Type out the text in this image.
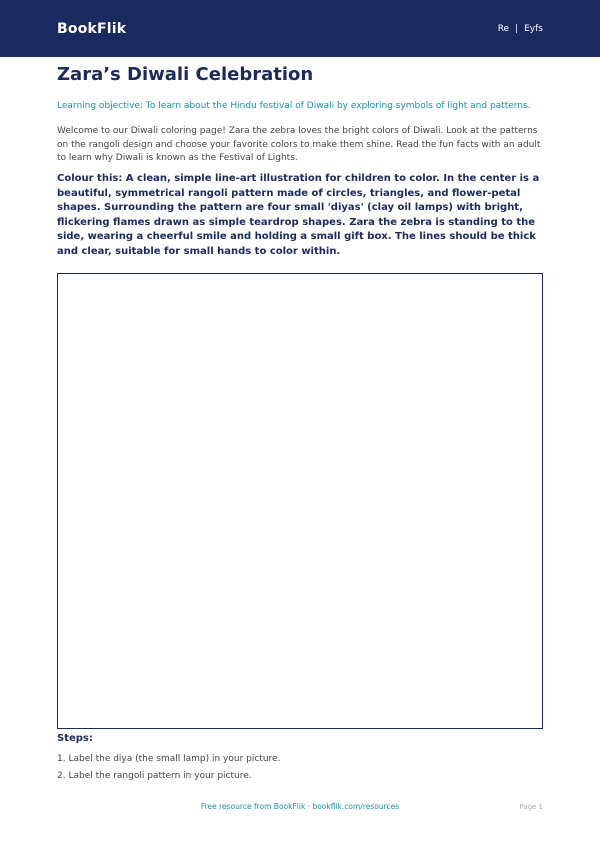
BookFlik	Re | Eyfs
Zara’s Diwali Celebration
Learning objective: To learn about the Hindu festival of Diwali by exploring symbols of light and patterns.
Welcome to our Diwali coloring page! Zara the zebra loves the bright colors of Diwali. Look at the patterns on the rangoli design and choose your favorite colors to make them shine. Read the fun facts with an adult to learn why Diwali is known as the Festival of Lights.
Colour this: A clean, simple line-art illustration for children to color. In the center is a beautiful, symmetrical rangoli pattern made of circles, triangles, and flower-petal shapes. Surrounding the pattern are four small 'diyas' (clay oil lamps) with bright, flickering flames drawn as simple teardrop shapes. Zara the zebra is standing to the side, wearing a cheerful smile and holding a small gift box. The lines should be thick and clear, suitable for small hands to color within.
Steps:
1. Label the diya (the small lamp) in your picture.
2. Label the rangoli pattern in your picture.
Free resource from BookFlik · bookflik.com/resources	Page 1
